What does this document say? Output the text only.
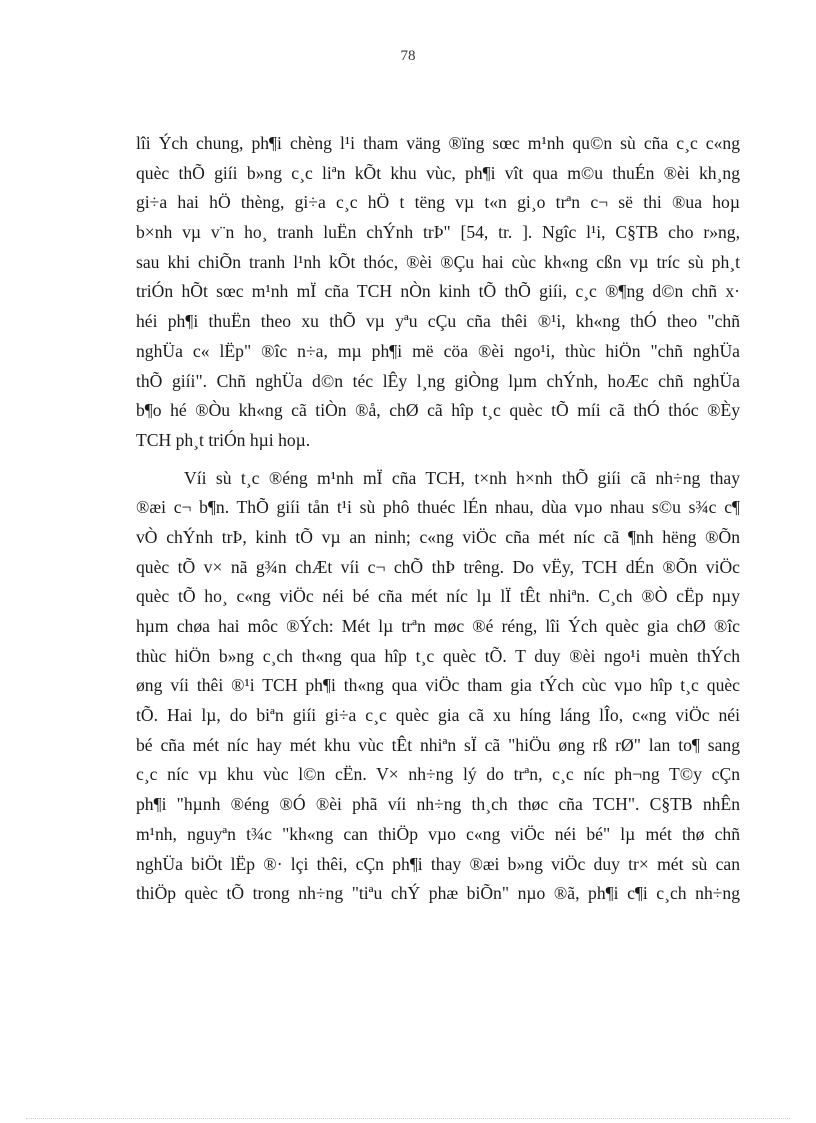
78
lîi Ých chung, ph¶i chèng l¹i tham väng ®ïng sœc m¹nh qu©n sù cña c¸c c«ng
quèc thÕ giíi b»ng c¸c liªn kÕt khu vùc, ph¶i vît qua m©u thuÉn ®èi kh¸ng
gi÷a hai hÖ thèng, gi÷a c¸c hÖ t tëng vµ t«n gi¸o trªn c¬ së thi ®ua hoµ
b×nh vµ v¨n ho¸ tranh luËn chÝnh trÞ" [54, tr. ]. Ngîc l¹i, C§TB cho r»ng,
sau khi chiÕn tranh l¹nh kÕt thóc, ®èi ®Çu hai cùc kh«ng cßn vµ tríc sù ph¸t
triÓn hÕt sœc m¹nh mÏ cña TCH nÒn kinh tÕ thÕ giíi, c¸c ®¶ng d©n chñ x·
héi ph¶i thuËn theo xu thÕ vµ yªu cÇu cña thêi ®¹i, kh«ng thÓ theo "chñ
nghÜa c« lËp" ®îc n÷a, mµ ph¶i më cöa ®èi ngo¹i, thùc hiÖn "chñ nghÜa
thÕ giíi". Chñ nghÜa d©n téc lÊy l¸ng giÒng lµm chÝnh, hoÆc chñ nghÜa
b¶o hé ®Òu kh«ng cã tiÒn ®å, chØ cã hîp t¸c quèc tÕ míi cã thÓ thóc ®Èy
TCH ph¸t triÓn hµi hoµ.
Víi sù t¸c ®éng m¹nh mÏ cña TCH, t×nh h×nh thÕ giíi cã nh÷ng thay
®æi c¬ b¶n. ThÕ giíi tån t¹i sù phô thuéc lÉn nhau, dùa vµo nhau s©u s¾c c¶
vÒ chÝnh trÞ, kinh tÕ vµ an ninh; c«ng viÖc cña mét níc cã ¶nh hëng ®Õn
quèc tÕ v× nã g¾n chÆt víi c¬ chÕ thÞ trêng. Do vËy, TCH dÉn ®Õn viÖc
quèc tÕ ho¸ c«ng viÖc néi bé cña mét níc lµ lÏ tÊt nhiªn. C¸ch ®Ò cËp nµy
hµm chøa hai môc ®Ých: Mét lµ trªn møc ®é réng, lîi Ých quèc gia chØ ®îc
thùc hiÖn b»ng c¸ch th«ng qua hîp t¸c quèc tÕ. T duy ®èi ngo¹i muèn thÝch
øng víi thêi ®¹i TCH ph¶i th«ng qua viÖc tham gia tÝch cùc vµo hîp t¸c quèc
tÕ. Hai lµ, do biªn giíi gi÷a c¸c quèc gia cã xu híng láng lÎo, c«ng viÖc néi
bé cña mét níc hay mét khu vùc tÊt nhiªn sÏ cã "hiÖu øng rß rØ" lan to¶ sang
c¸c níc vµ khu vùc l©n cËn. V× nh÷ng lý do trªn, c¸c níc ph¬ng T©y cÇn
ph¶i "hµnh ®éng ®Ó ®èi phã víi nh÷ng th¸ch thøc cña TCH". C§TB nhÊn
m¹nh, nguyªn t¾c "kh«ng can thiÖp vµo c«ng viÖc néi bé" lµ mét thø chñ
nghÜa biÖt lËp ®· lçi thêi, cÇn ph¶i thay ®æi b»ng viÖc duy tr× mét sù can
thiÖp quèc tÕ trong nh÷ng "tiªu chÝ phæ biÕn" nµo ®ã, ph¶i c¶i c¸ch nh÷ng
